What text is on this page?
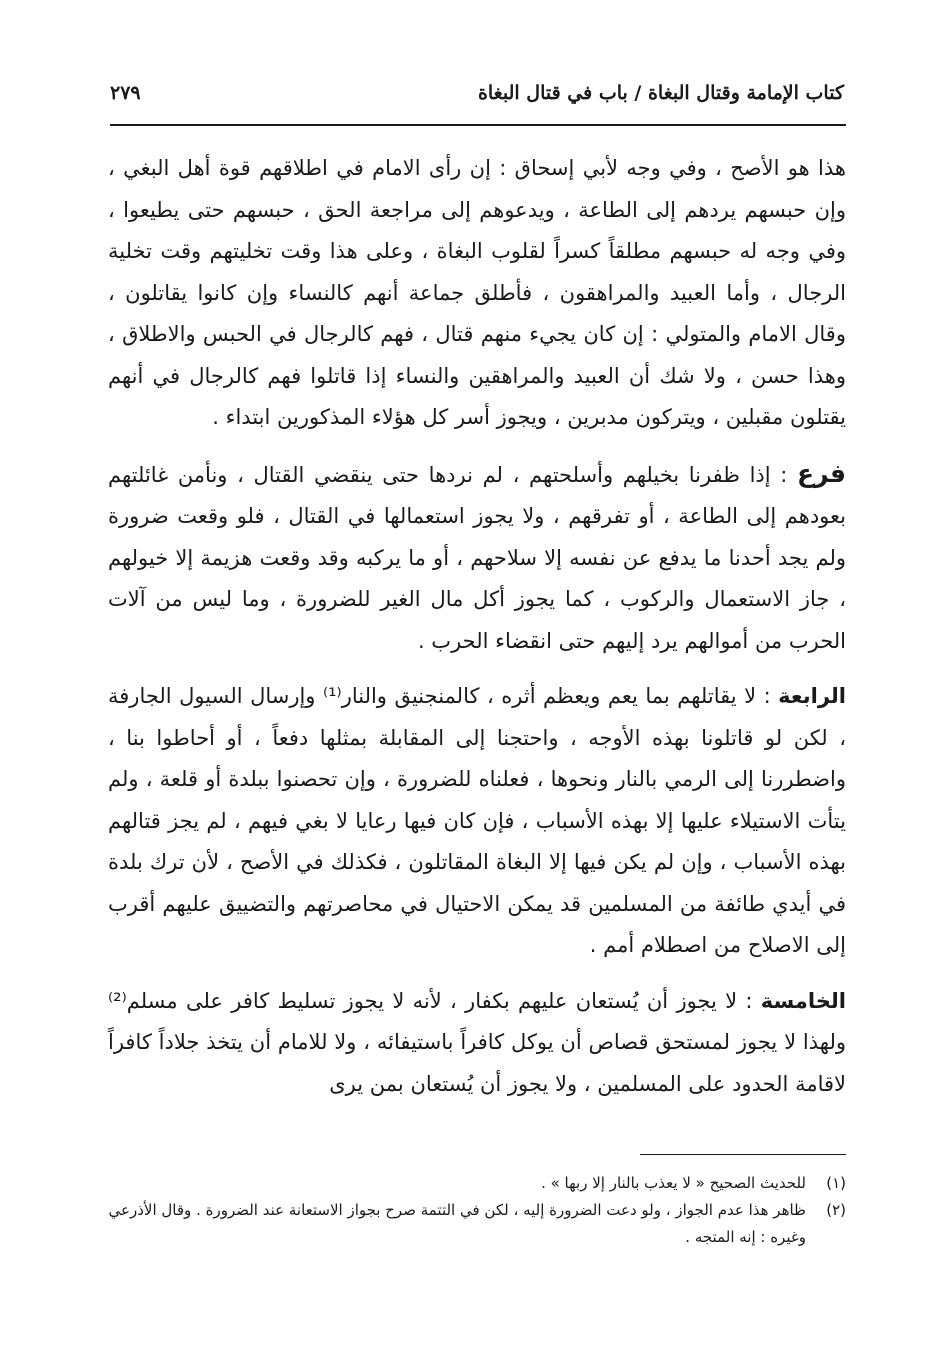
كتاب الإمامة وقتال البغاة / باب في قتال البغاة
٢٧٩

هذا هو الأصح ، وفي وجه لأبي إسحاق : إن رأى الامام في اطلاقهم قوة أهل البغي ، وإن حبسهم يردهم إلى الطاعة ، ويدعوهم إلى مراجعة الحق ، حبسهم حتى يطيعوا ، وفي وجه له حبسهم مطلقاً كسراً لقلوب البغاة ، وعلى هذا وقت تخليتهم وقت تخلية الرجال ، وأما العبيد والمراهقون ، فأطلق جماعة أنهم كالنساء وإن كانوا يقاتلون ، وقال الامام والمتولي : إن كان يجيء منهم قتال ، فهم كالرجال في الحبس والاطلاق ، وهذا حسن ، ولا شك أن العبيد والمراهقين والنساء إذا قاتلوا فهم كالرجال في أنهم يقتلون مقبلين ، ويتركون مدبرين ، ويجوز أسر كل هؤلاء المذكورين ابتداء .

فرع : إذا ظفرنا بخيلهم وأسلحتهم ، لم نردها حتى ينقضي القتال ، ونأمن غائلتهم بعودهم إلى الطاعة ، أو تفرقهم ، ولا يجوز استعمالها في القتال ، فلو وقعت ضرورة ولم يجد أحدنا ما يدفع عن نفسه إلا سلاحهم ، أو ما يركبه وقد وقعت هزيمة إلا خيولهم ، جاز الاستعمال والركوب ، كما يجوز أكل مال الغير للضرورة ، وما ليس من آلات الحرب من أموالهم يرد إليهم حتى انقضاء الحرب .

الرابعة : لا يقاتلهم بما يعم ويعظم أثره ، كالمنجنيق والنار⁽¹⁾ وإرسال السيول الجارفة ، لكن لو قاتلونا بهذه الأوجه ، واحتجنا إلى المقابلة بمثلها دفعاً ، أو أحاطوا بنا ، واضطررنا إلى الرمي بالنار ونحوها ، فعلناه للضرورة ، وإن تحصنوا ببلدة أو قلعة ، ولم يتأت الاستيلاء عليها إلا بهذه الأسباب ، فإن كان فيها رعايا لا بغي فيهم ، لم يجز قتالهم بهذه الأسباب ، وإن لم يكن فيها إلا البغاة المقاتلون ، فكذلك في الأصح ، لأن ترك بلدة في أيدي طائفة من المسلمين قد يمكن الاحتيال في محاصرتهم والتضييق عليهم أقرب إلى الاصلاح من اصطلام أمم .

الخامسة : لا يجوز أن يُستعان عليهم بكفار ، لأنه لا يجوز تسليط كافر على مسلم⁽²⁾ ولهذا لا يجوز لمستحق قصاص أن يوكل كافراً باستيفائه ، ولا للامام أن يتخذ جلاداً كافراً لاقامة الحدود على المسلمين ، ولا يجوز أن يُستعان بمن يرى

(١)للحديث الصحيح « لا يعذب بالنار إلا ربها » .

(٢)ظاهر هذا عدم الجواز ، ولو دعت الضرورة إليه ، لكن في التتمة صرح بجواز الاستعانة عند الضرورة . وقال الأذرعي وغيره : إنه المتجه .
